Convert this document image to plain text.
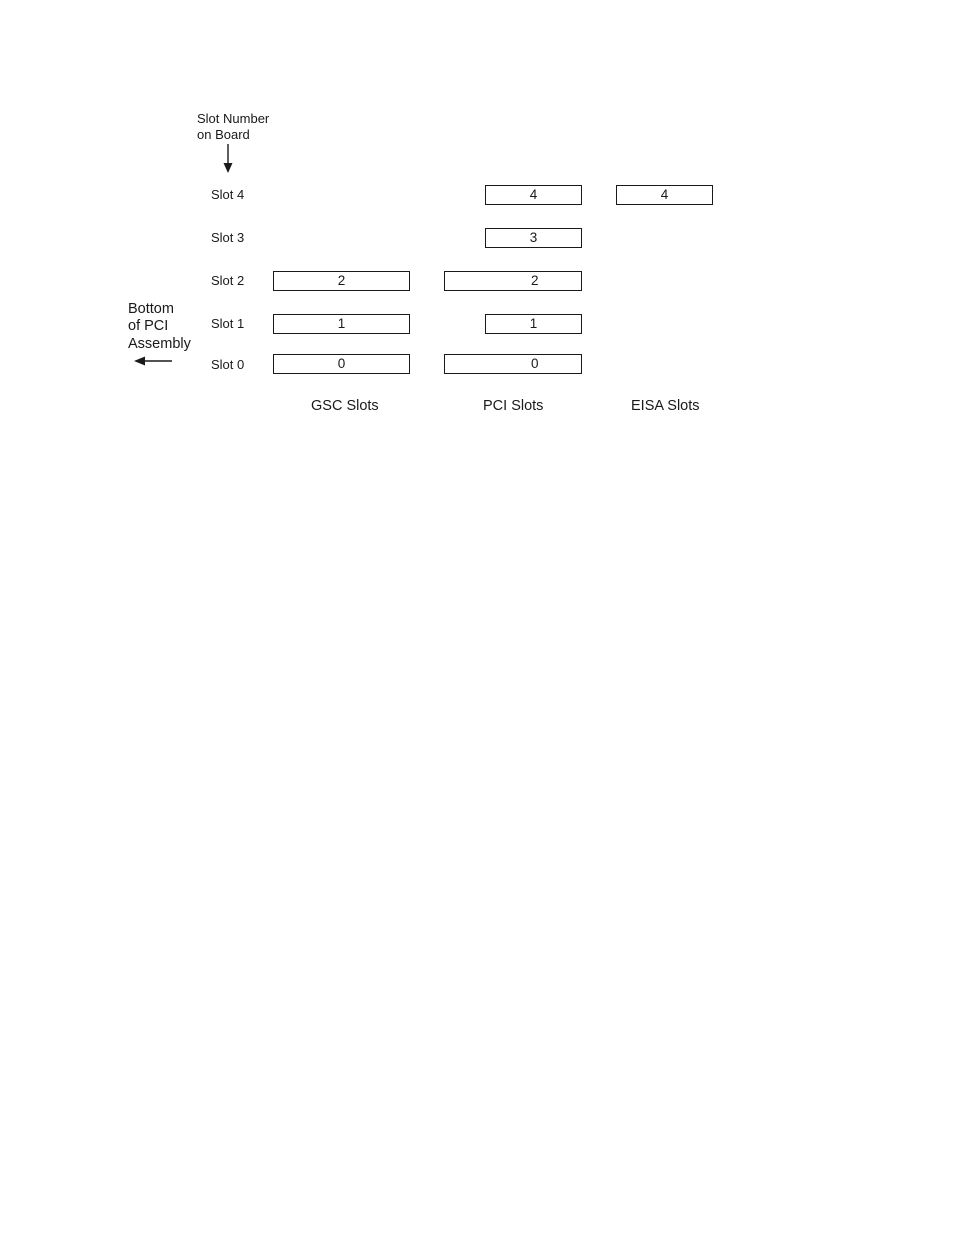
Slot Number
on Board
Bottom
of PCI
Assembly
Slot 4
Slot 3
Slot 2
Slot 1
Slot 0
2
1
0
4
3
2
1
0
4
GSC Slots	PCI Slots	EISA Slots
